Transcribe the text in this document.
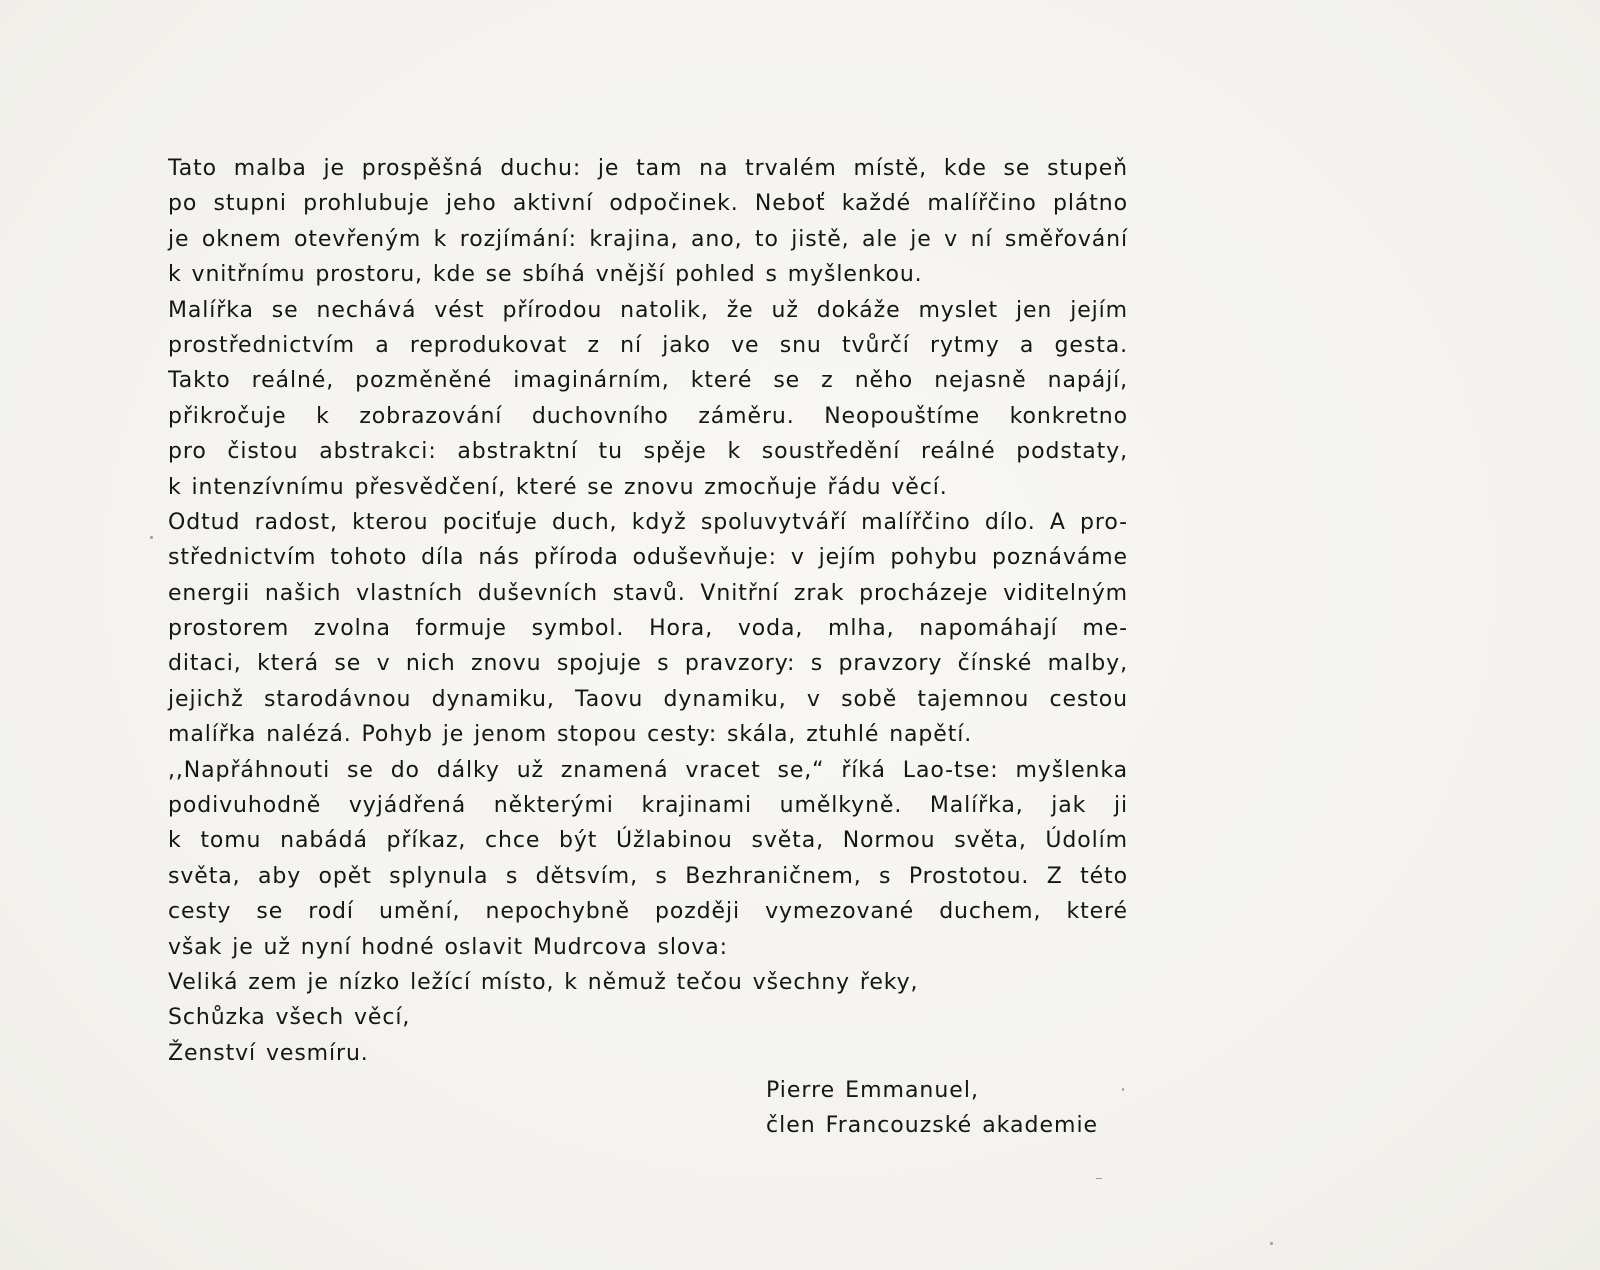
Tato malba je prospěšná duchu: je tam na trvalém místě, kde se stupeň
po stupni prohlubuje jeho aktivní odpočinek. Neboť každé malířčino plátno
je oknem otevřeným k rozjímání: krajina, ano, to jistě, ale je v ní směřování
k vnitřnímu prostoru, kde se sbíhá vnější pohled s myšlenkou.
Malířka se nechává vést přírodou natolik, že už dokáže myslet jen jejím
prostřednictvím a reprodukovat z ní jako ve snu tvůrčí rytmy a gesta.
Takto reálné, pozměněné imaginárním, které se z něho nejasně napájí,
přikročuje k zobrazování duchovního záměru. Neopouštíme konkretno
pro čistou abstrakci: abstraktní tu spěje k soustředění reálné podstaty,
k intenzívnímu přesvědčení, které se znovu zmocňuje řádu věcí.
Odtud radost, kterou pociťuje duch, když spoluvytváří malířčino dílo. A pro-
střednictvím tohoto díla nás příroda oduševňuje: v jejím pohybu poznáváme
energii našich vlastních duševních stavů. Vnitřní zrak procházeje viditelným
prostorem zvolna formuje symbol. Hora, voda, mlha, napomáhají me-
ditaci, která se v nich znovu spojuje s pravzory: s pravzory čínské malby,
jejichž starodávnou dynamiku, Taovu dynamiku, v sobě tajemnou cestou
malířka nalézá. Pohyb je jenom stopou cesty: skála, ztuhlé napětí.
,,Napřáhnouti se do dálky už znamená vracet se,“ říká Lao-tse: myšlenka
podivuhodně vyjádřená některými krajinami umělkyně. Malířka, jak ji
k tomu nabádá příkaz, chce být Úžlabinou světa, Normou světa, Údolím
světa, aby opět splynula s dětsvím, s Bezhraničnem, s Prostotou. Z této
cesty se rodí umění, nepochybně později vymezované duchem, které
však je už nyní hodné oslavit Mudrcova slova:
Veliká zem je nízko ležící místo, k němuž tečou všechny řeky,
Schůzka všech věcí,
Ženství vesmíru.
Pierre Emmanuel,
člen Francouzské akademie
